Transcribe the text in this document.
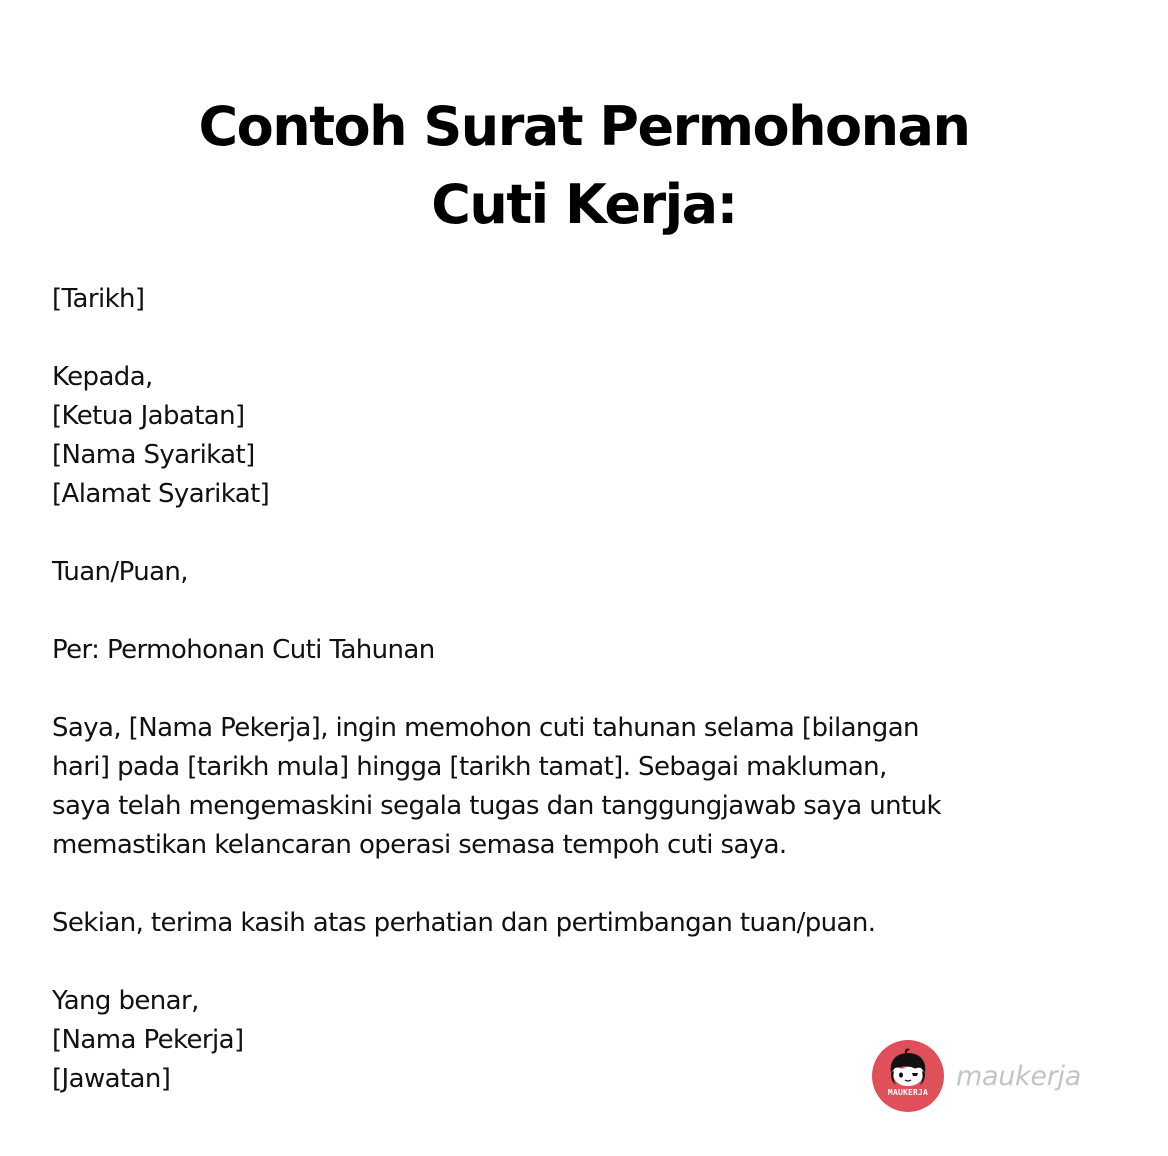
Contoh Surat Permohonan
Cuti Kerja:
[Tarikh]
Kepada,
[Ketua Jabatan]
[Nama Syarikat]
[Alamat Syarikat]
Tuan/Puan,
Per: Permohonan Cuti Tahunan
Saya, [Nama Pekerja], ingin memohon cuti tahunan selama [bilangan
hari] pada [tarikh mula] hingga [tarikh tamat]. Sebagai makluman,
saya telah mengemaskini segala tugas dan tanggungjawab saya untuk
memastikan kelancaran operasi semasa tempoh cuti saya.
Sekian, terima kasih atas perhatian dan pertimbangan tuan/puan.
Yang benar,
[Nama Pekerja]
[Jawatan]	MAUKERJA
maukerja
